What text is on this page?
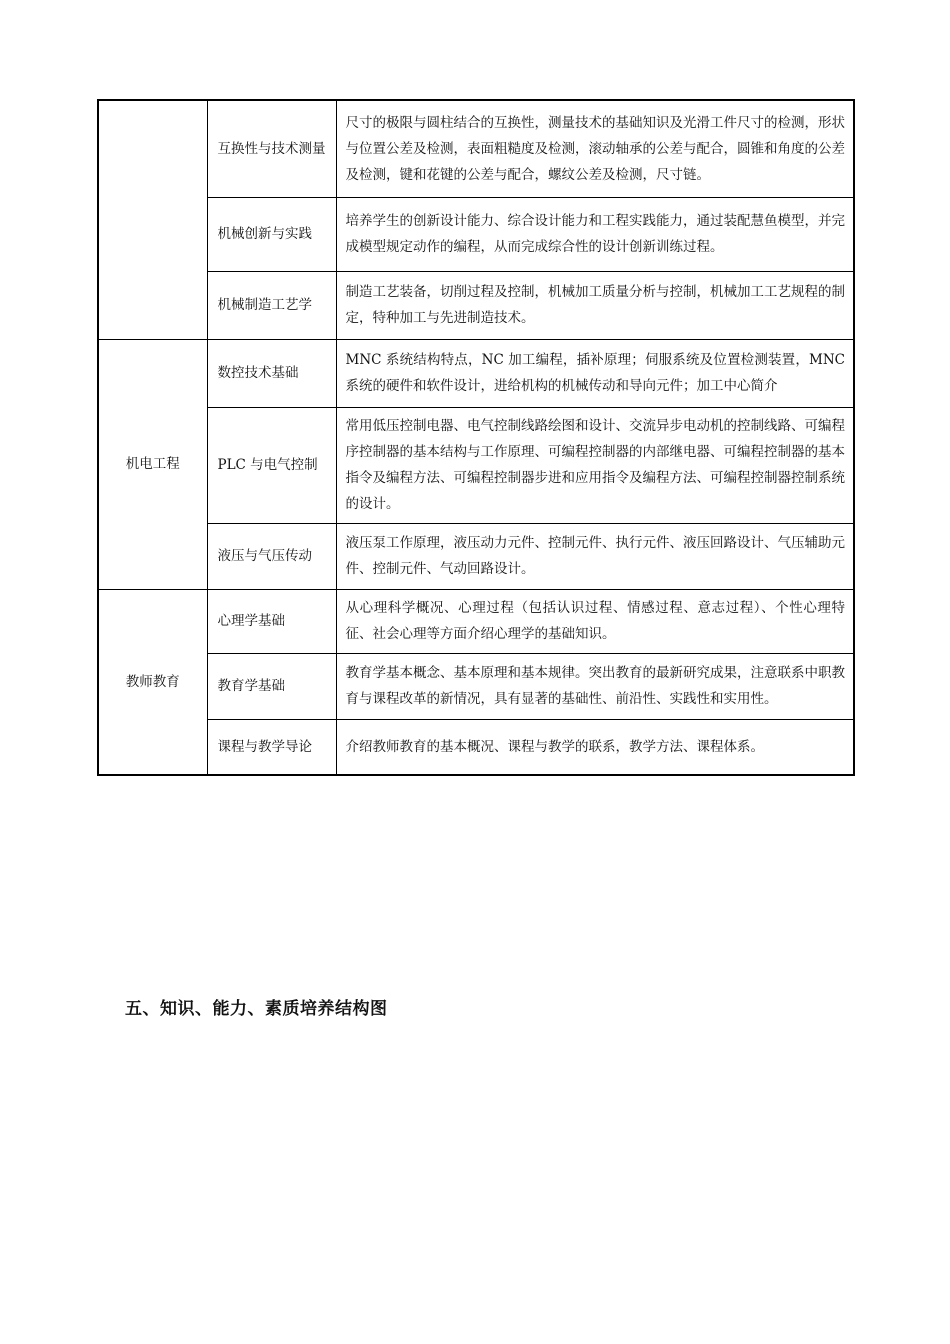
	互换性与技术测量	尺寸的极限与圆柱结合的互换性，测量技术的基础知识及光滑工件尺寸的检测，形状与位置公差及检测，表面粗糙度及检测，滚动轴承的公差与配合，圆锥和角度的公差及检测，键和花键的公差与配合，螺纹公差及检测，尺寸链。
	机械创新与实践	培养学生的创新设计能力、综合设计能力和工程实践能力，通过装配慧鱼模型，并完成模型规定动作的编程，从而完成综合性的设计创新训练过程。
	机械制造工艺学	制造工艺装备，切削过程及控制，机械加工质量分析与控制，机械加工工艺规程的制定，特种加工与先进制造技术。
机电工程	数控技术基础	MNC 系统结构特点，NC 加工编程，插补原理；伺服系统及位置检测装置，MNC 系统的硬件和软件设计，进给机构的机械传动和导向元件；加工中心简介
	PLC 与电气控制	常用低压控制电器、电气控制线路绘图和设计、交流异步电动机的控制线路、可编程序控制器的基本结构与工作原理、可编程控制器的内部继电器、可编程控制器的基本指令及编程方法、可编程控制器步进和应用指令及编程方法、可编程控制器控制系统的设计。
	液压与气压传动	液压泵工作原理，液压动力元件、控制元件、执行元件、液压回路设计、气压辅助元件、控制元件、气动回路设计。
教师教育	心理学基础	从心理科学概况、心理过程（包括认识过程、情感过程、意志过程）、个性心理特征、社会心理等方面介绍心理学的基础知识。
	教育学基础	教育学基本概念、基本原理和基本规律。突出教育的最新研究成果，注意联系中职教育与课程改革的新情况，具有显著的基础性、前沿性、实践性和实用性。
	课程与教学导论	介绍教师教育的基本概况、课程与教学的联系，教学方法、课程体系。
五、知识、能力、素质培养结构图
